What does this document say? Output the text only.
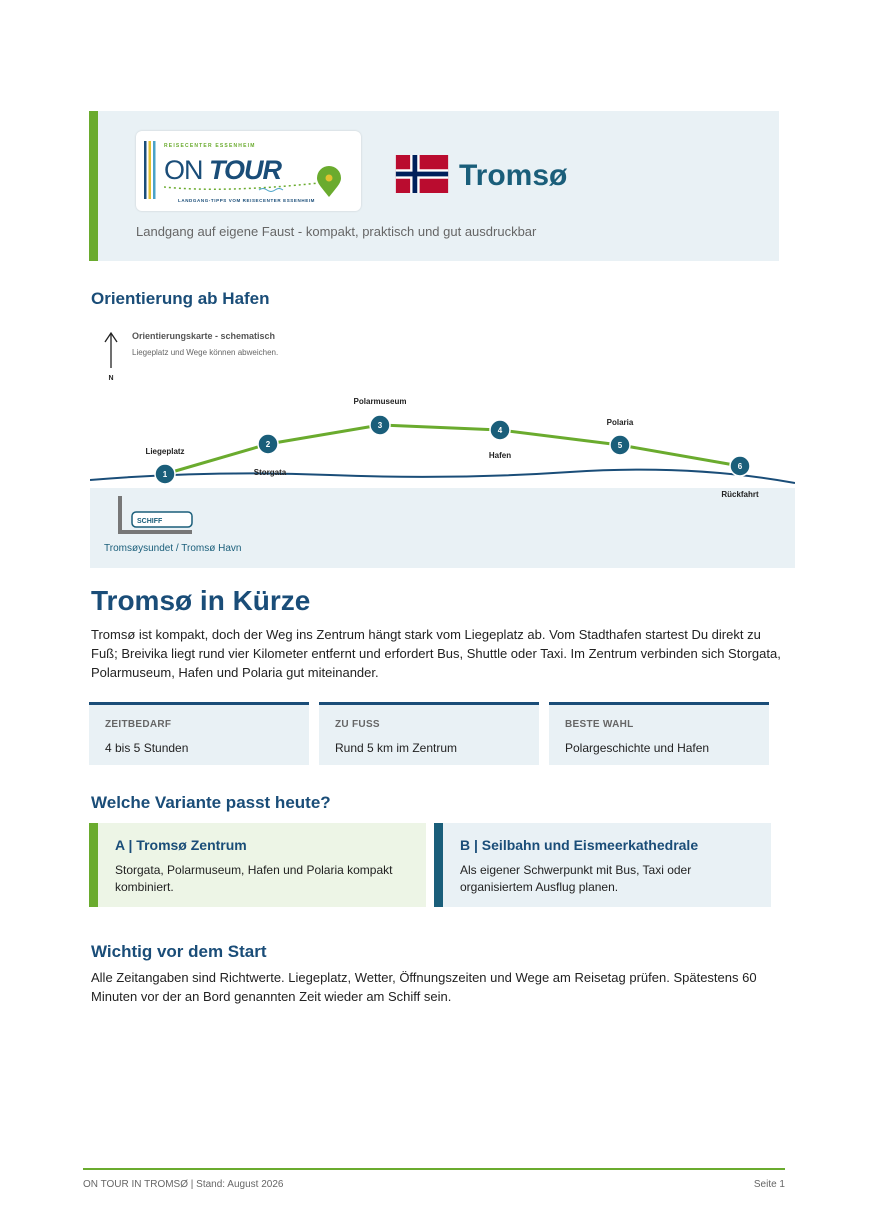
REISECENTER ESSENHEIM
ON TOUR
LANDGANG-TIPPS VOM REISECENTER ESSENHEIM
Tromsø
Landgang auf eigene Faust - kompakt, praktisch und gut ausdruckbar
Orientierung ab Hafen
N
Orientierungskarte - schematisch
Liegeplatz und Wege können abweichen.
1
Liegeplatz
2
Storgata
3
Polarmuseum
4
Hafen
5
Polaria
6
Rückfahrt
SCHIFF
Tromsøysundet / Tromsø Havn
Tromsø in Kürze
Tromsø ist kompakt, doch der Weg ins Zentrum hängt stark vom Liegeplatz ab. Vom Stadthafen startest Du direkt zu Fuß; Breivika liegt rund vier Kilometer entfernt und erfordert Bus, Shuttle oder Taxi. Im Zentrum verbinden sich Storgata, Polarmuseum, Hafen und Polaria gut miteinander.
ZEITBEDARF
4 bis 5 Stunden
ZU FUSS
Rund 5 km im Zentrum
BESTE WAHL
Polargeschichte und Hafen
Welche Variante passt heute?
A | Tromsø Zentrum
Storgata, Polarmuseum, Hafen und Polaria kompakt kombiniert.
B | Seilbahn und Eismeerkathedrale
Als eigener Schwerpunkt mit Bus, Taxi oder organisiertem Ausflug planen.
Wichtig vor dem Start
Alle Zeitangaben sind Richtwerte. Liegeplatz, Wetter, Öffnungszeiten und Wege am Reisetag prüfen. Spätestens 60 Minuten vor der an Bord genannten Zeit wieder am Schiff sein.
ON TOUR IN TROMSØ | Stand: August 2026	Seite 1
